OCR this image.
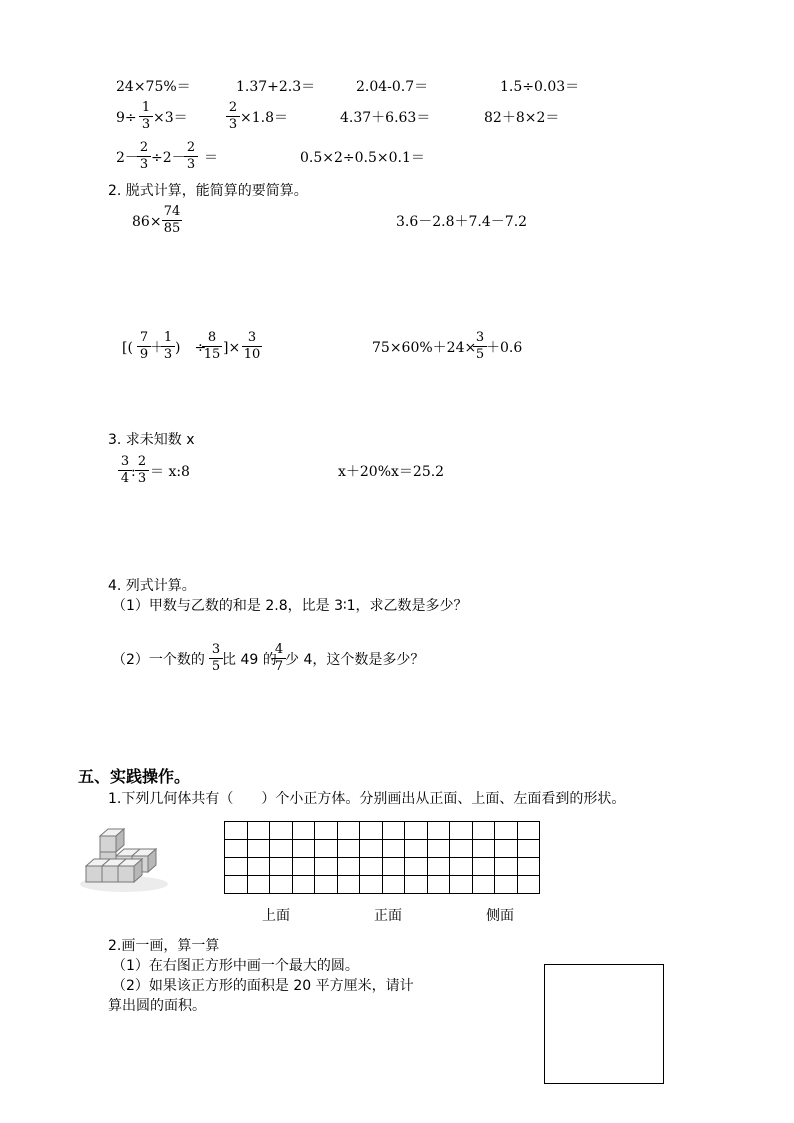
24×75%＝	1.37+2.3＝	2.04-0.7＝	1.5÷0.03＝
9÷
1
3 ×3＝
2
3 ×1.8＝	4.37＋6.63＝	82＋8×2＝
2－
2
3 ÷2－
2
3 ＝	0.5×2÷0.5×0.1＝
2. 脱式计算，能简算的要简算。
86×
74
85	3.6－2.8＋7.4－7.2
[(
7
9 ＋
1
3 )　÷
8
15 ]×
3
10	75×60%＋24×
3
5 ＋0.6
3. 求未知数 x
3
4 :
2
3 ＝ x:8	x＋20%x＝25.2
4. 列式计算。
（1）甲数与乙数的和是 2.8，比是 3∶1，求乙数是多少？
（2）一个数的
3
5 比 49 的
4
7 少 4，这个数是多少？
五、实践操作。
1.下列几何体共有（　　）个小正方体。分别画出从正面、上面、左面看到的形状。

上面	正面	侧面
2.画一画，算一算
（1）在右图正方形中画一个最大的圆。
（2）如果该正方形的面积是 20 平方厘米，请计
算出圆的面积。
